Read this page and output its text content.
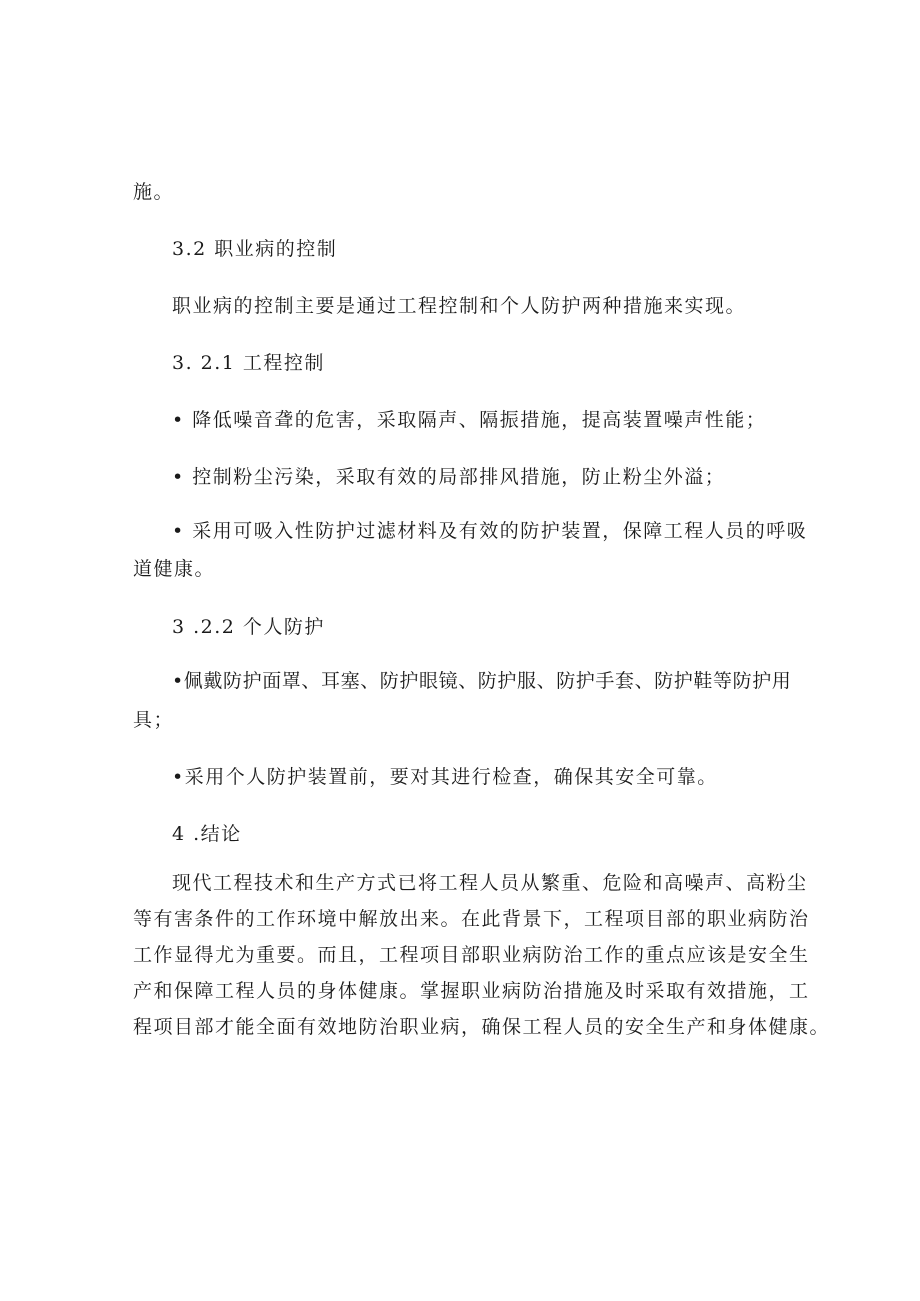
施。
3.2 职业病的控制
职业病的控制主要是通过工程控制和个人防护两种措施来实现。
3. 2.1 工程控制
• 降低噪音聋的危害，采取隔声、隔振措施，提高装置噪声性能；
• 控制粉尘污染，采取有效的局部排风措施，防止粉尘外溢；
• 采用可吸入性防护过滤材料及有效的防护装置，保障工程人员的呼吸
道健康。
3 .2.2 个人防护
•佩戴防护面罩、耳塞、防护眼镜、防护服、防护手套、防护鞋等防护用
具；
•采用个人防护装置前，要对其进行检查，确保其安全可靠。
4 .结论
现代工程技术和生产方式已将工程人员从繁重、危险和高噪声、高粉尘
等有害条件的工作环境中解放出来。在此背景下，工程项目部的职业病防治
工作显得尤为重要。而且，工程项目部职业病防治工作的重点应该是安全生
产和保障工程人员的身体健康。掌握职业病防治措施及时采取有效措施，工
程项目部才能全面有效地防治职业病，确保工程人员的安全生产和身体健康。
